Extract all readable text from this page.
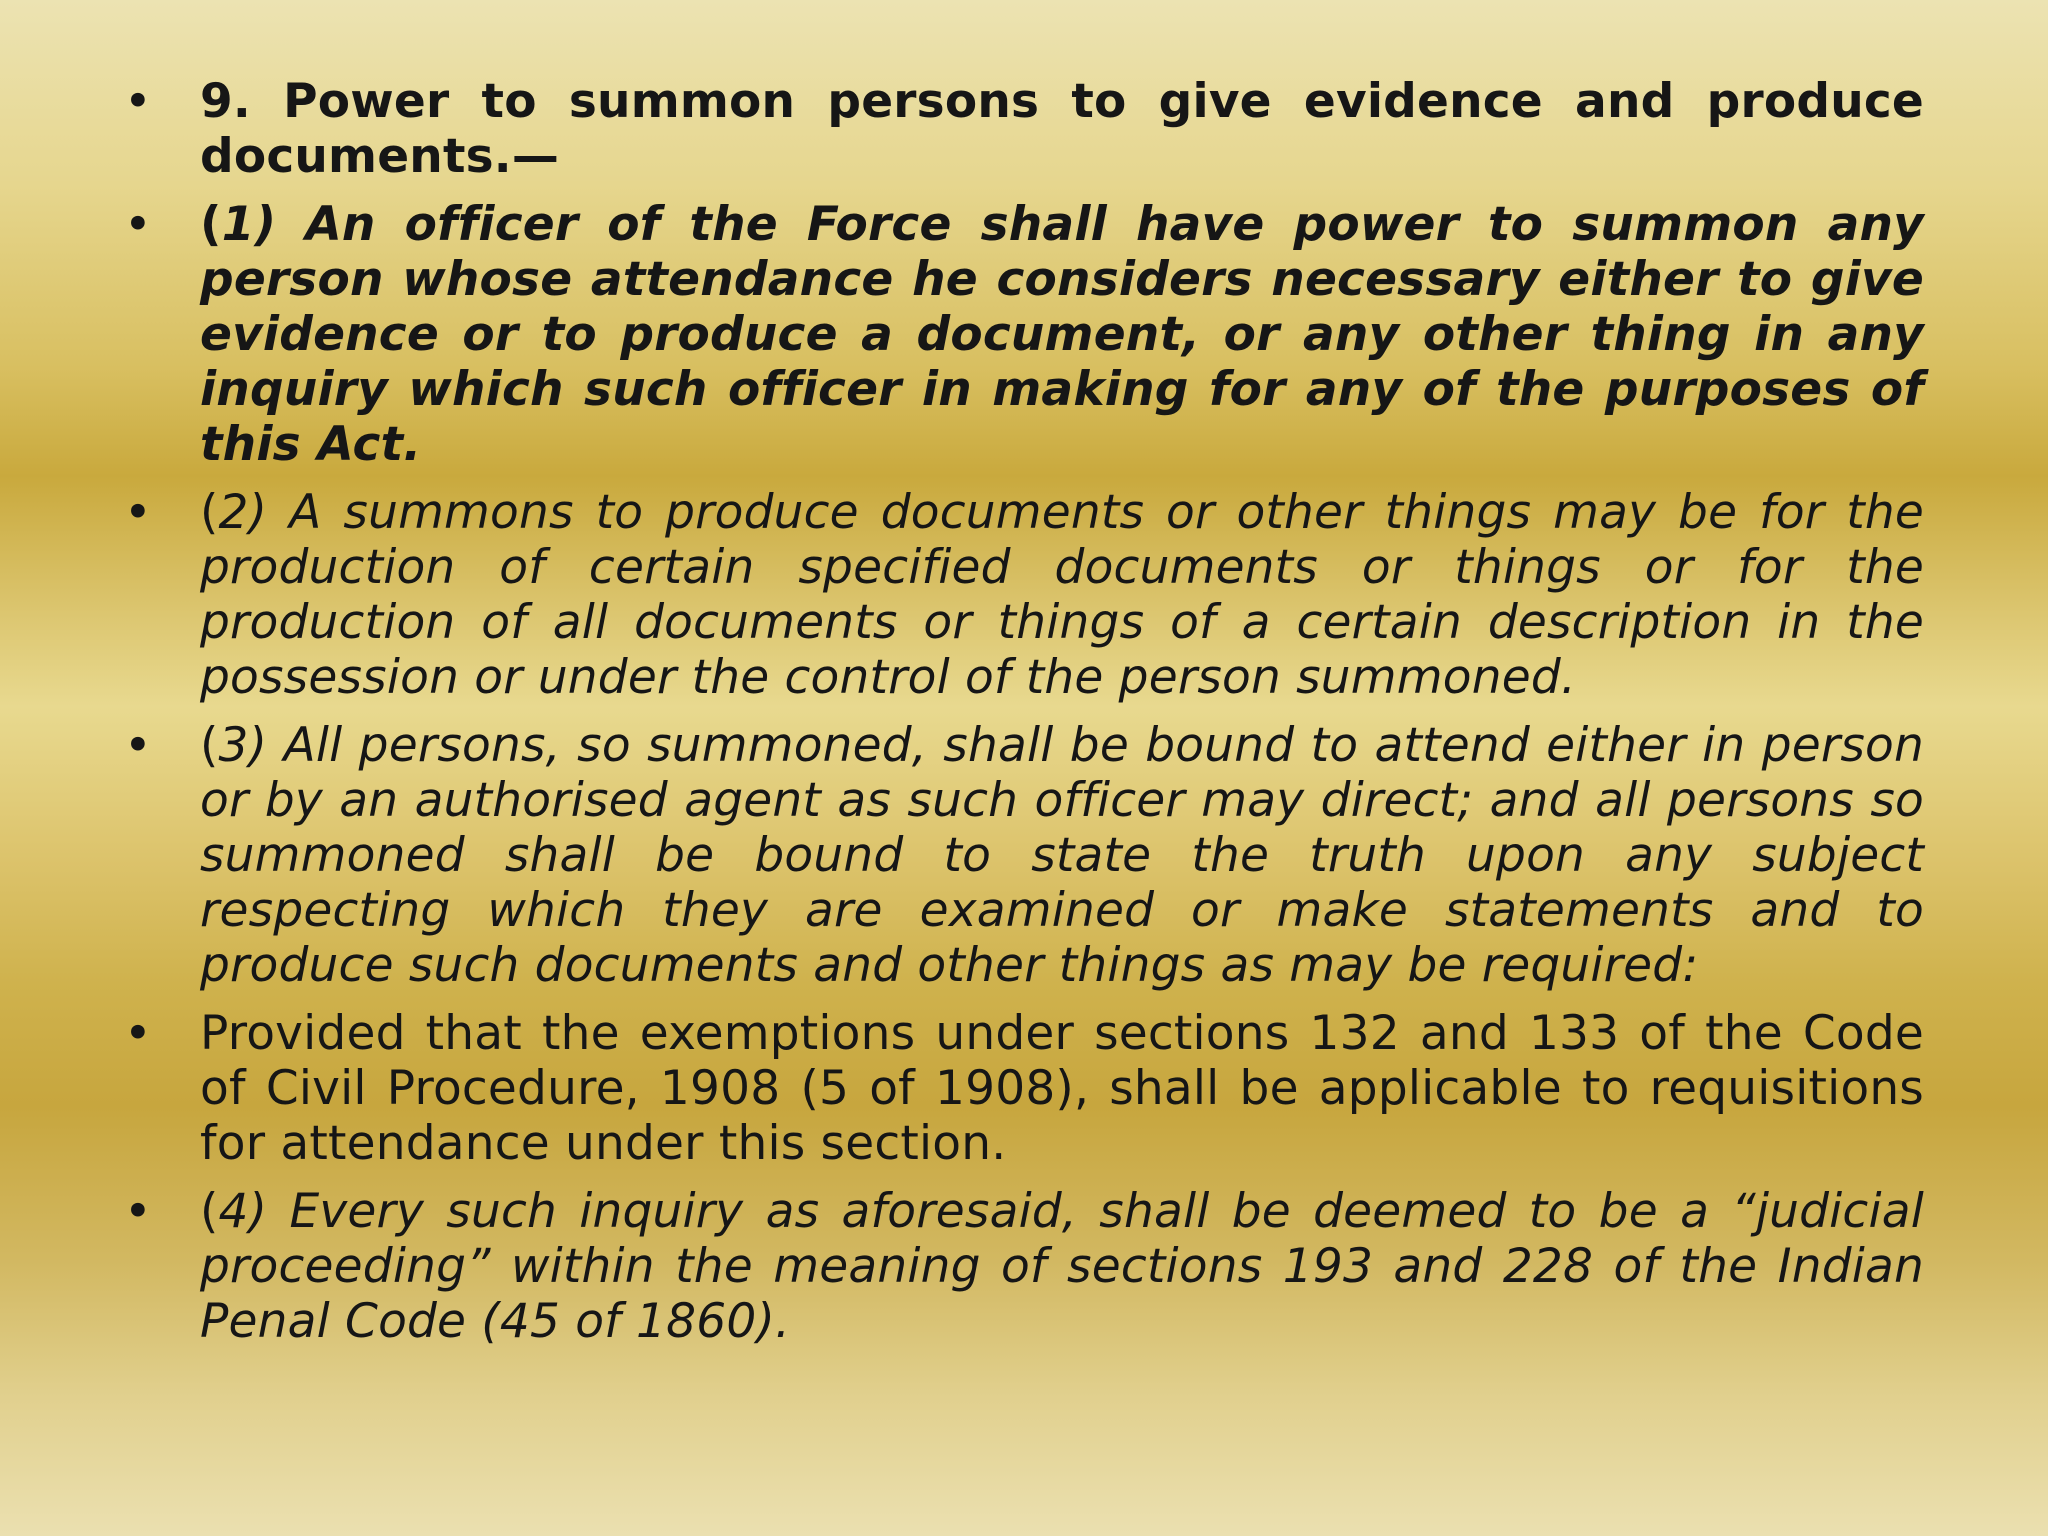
• 9. Power to summon persons to give evidence and produce documents.—
• (1) An officer of the Force shall have power to summon any person whose attendance he considers necessary either to give evidence or to produce a document, or any other thing in any inquiry which such officer in making for any of the purposes of this Act.
• (2) A summons to produce documents or other things may be for the production of certain specified documents or things or for the production of all documents or things of a certain description in the possession or under the control of the person summoned.
• (3) All persons, so summoned, shall be bound to attend either in person or by an authorised agent as such officer may direct; and all persons so summoned shall be bound to state the truth upon any subject respecting which they are examined or make statements and to produce such documents and other things as may be required:
• Provided that the exemptions under sections 132 and 133 of the Code of Civil Procedure, 1908 (5 of 1908), shall be applicable to requisitions for attendance under this section.
• (4) Every such inquiry as aforesaid, shall be deemed to be a “judicial proceeding” within the meaning of sections 193 and 228 of the Indian Penal Code (45 of 1860).
